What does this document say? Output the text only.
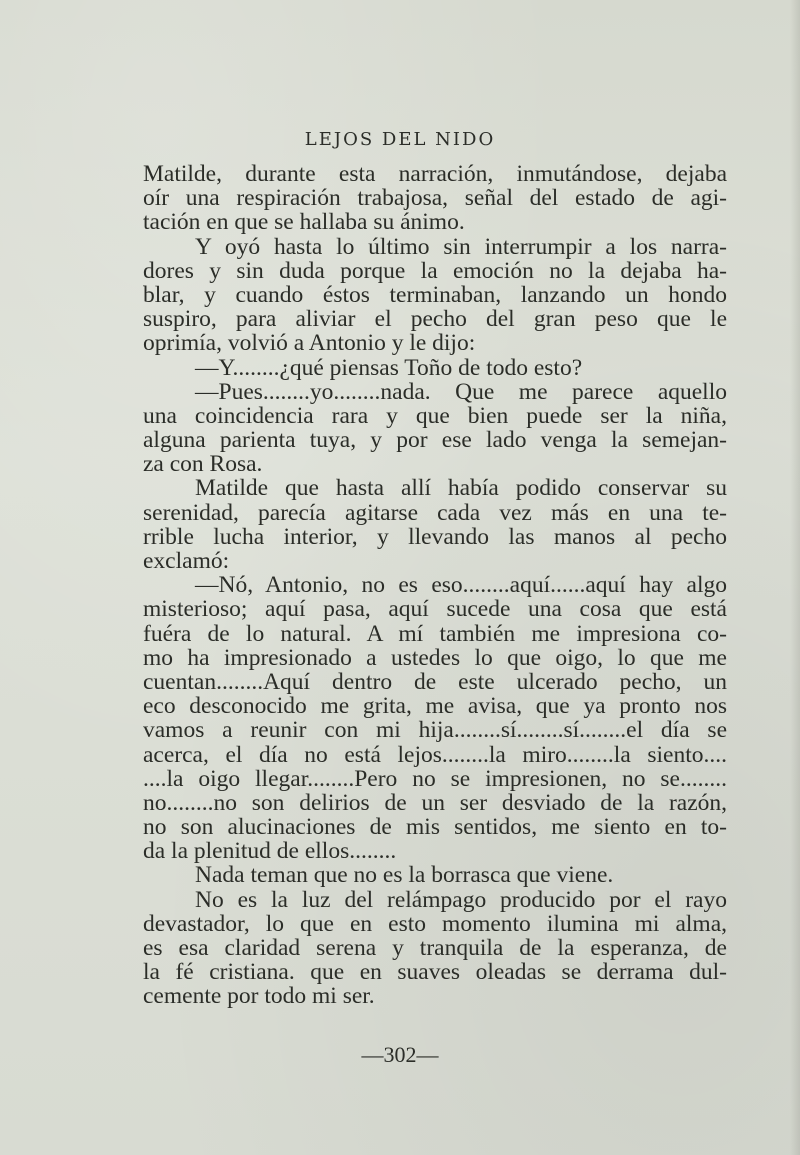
LEJOS DEL NIDO
Matilde, durante esta narración, inmutándose, dejaba
oír una respiración trabajosa, señal del estado de agi-
tación en que se hallaba su ánimo.
Y oyó hasta lo último sin interrumpir a los narra-
dores y sin duda porque la emoción no la dejaba ha-
blar, y cuando éstos terminaban, lanzando un hondo
suspiro, para aliviar el pecho del gran peso que le
oprimía, volvió a Antonio y le dijo:
—Y........¿qué piensas Toño de todo esto?
—Pues........yo........nada. Que me parece aquello
una coincidencia rara y que bien puede ser la niña,
alguna parienta tuya, y por ese lado venga la semejan-
za con Rosa.
Matilde que hasta allí había podido conservar su
serenidad, parecía agitarse cada vez más en una te-
rrible lucha interior, y llevando las manos al pecho
exclamó:
—Nó, Antonio, no es eso........aquí......aquí hay algo
misterioso; aquí pasa, aquí sucede una cosa que está
fuéra de lo natural. A mí también me impresiona co-
mo ha impresionado a ustedes lo que oigo, lo que me
cuentan........Aquí dentro de este ulcerado pecho, un
eco desconocido me grita, me avisa, que ya pronto nos
vamos a reunir con mi hija........sí........sí........el día se
acerca, el día no está lejos........la miro........la siento....
....la oigo llegar........Pero no se impresionen, no se........
no........no son delirios de un ser desviado de la razón,
no son alucinaciones de mis sentidos, me siento en to-
da la plenitud de ellos........
Nada teman que no es la borrasca que viene.
No es la luz del relámpago producido por el rayo
devastador, lo que en esto momento ilumina mi alma,
es esa claridad serena y tranquila de la esperanza, de
la fé cristiana. que en suaves oleadas se derrama dul-
cemente por todo mi ser.
—302—
